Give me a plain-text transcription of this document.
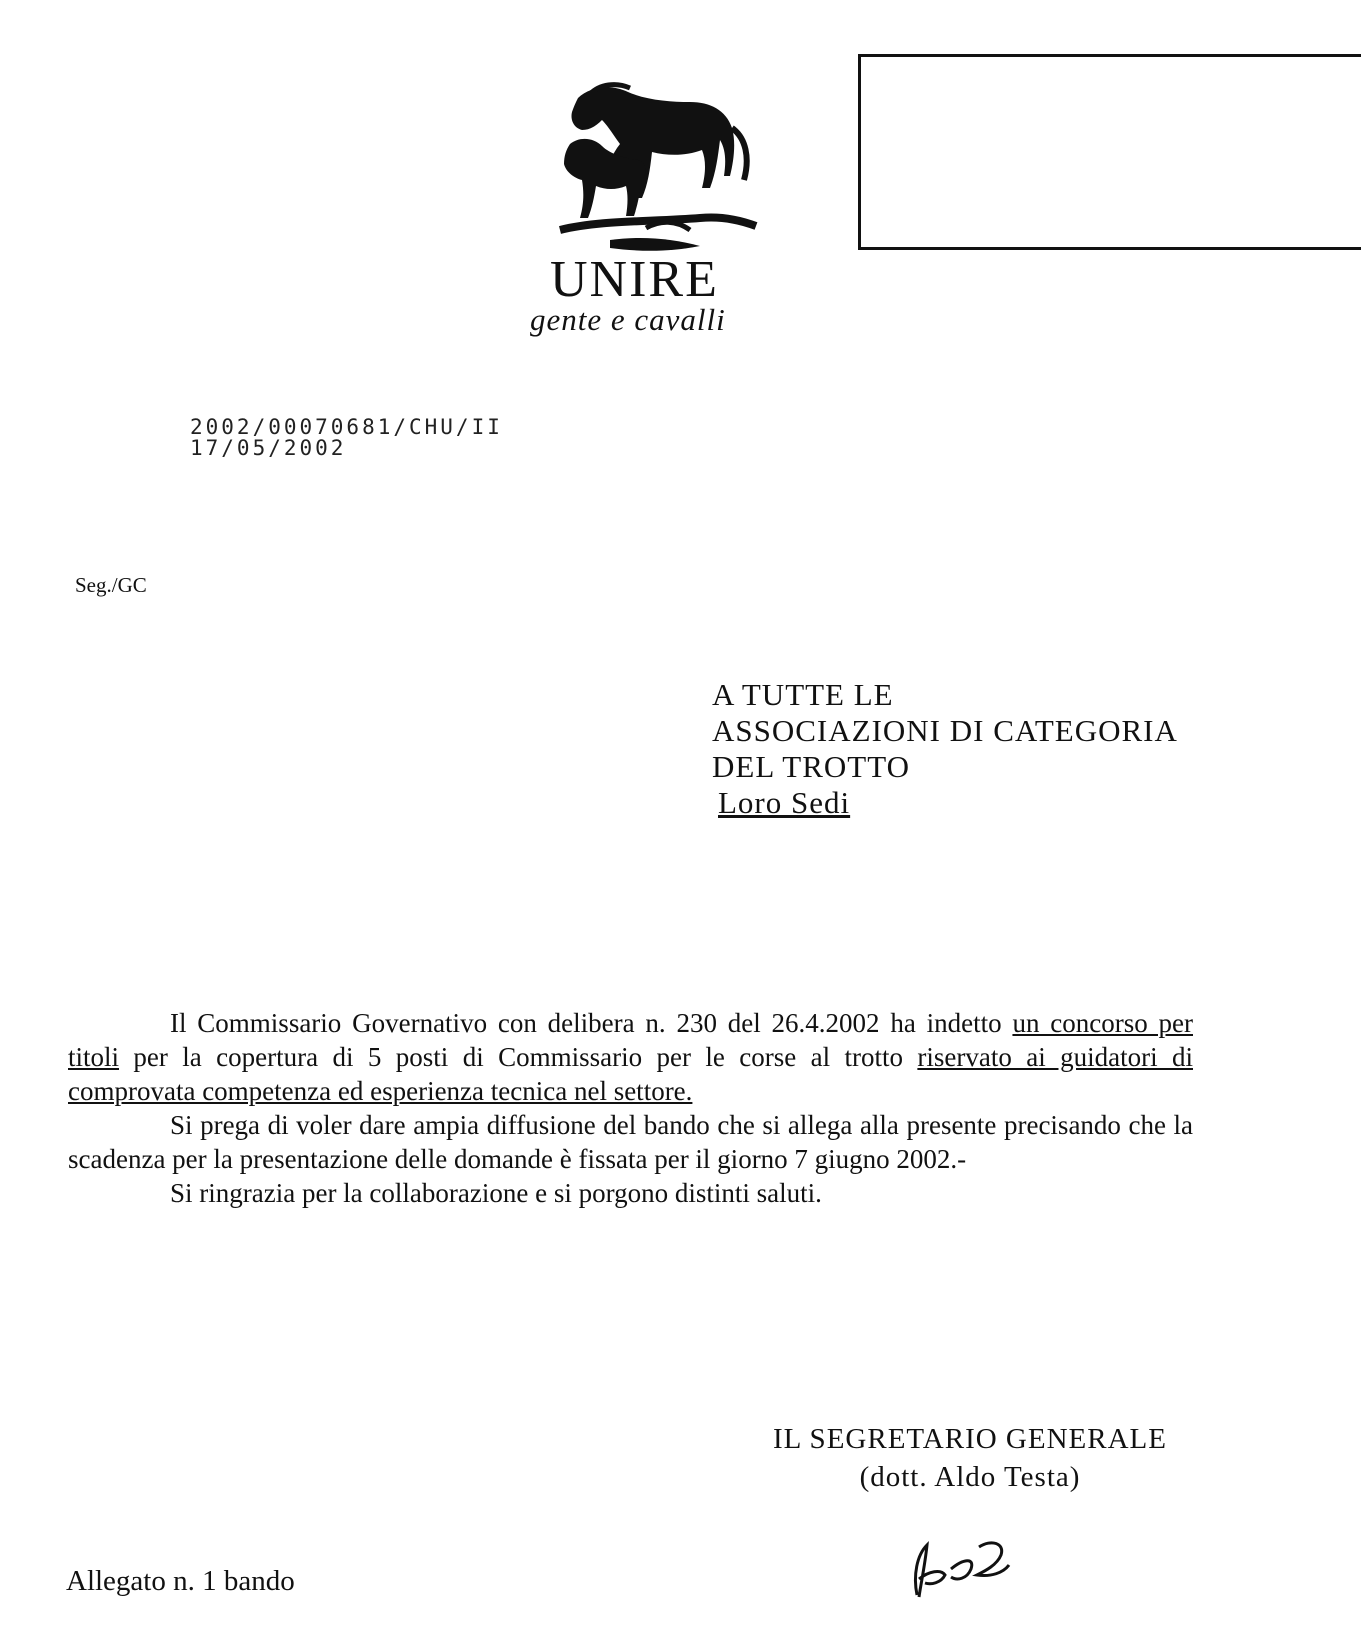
UNIRE
gente e cavalli
2002/00070681/CHU/II
17/05/2002
Seg./GC
A TUTTE LE
ASSOCIAZIONI DI CATEGORIA
DEL TROTTO
Loro Sedi

Il Commissario Governativo con delibera n. 230 del 26.4.2002 ha indetto un concorso per titoli per la copertura di 5 posti di Commissario per le corse al trotto riservato ai guidatori di comprovata competenza ed esperienza tecnica nel settore.

Si prega di voler dare ampia diffusione del bando che si allega alla presente precisando che la scadenza per la presentazione delle domande è fissata per il giorno 7 giugno 2002.-

Si ringrazia per la collaborazione e si porgono distinti saluti.

IL SEGRETARIO GENERALE
(dott. Aldo Testa)
Allegato n. 1 bando
